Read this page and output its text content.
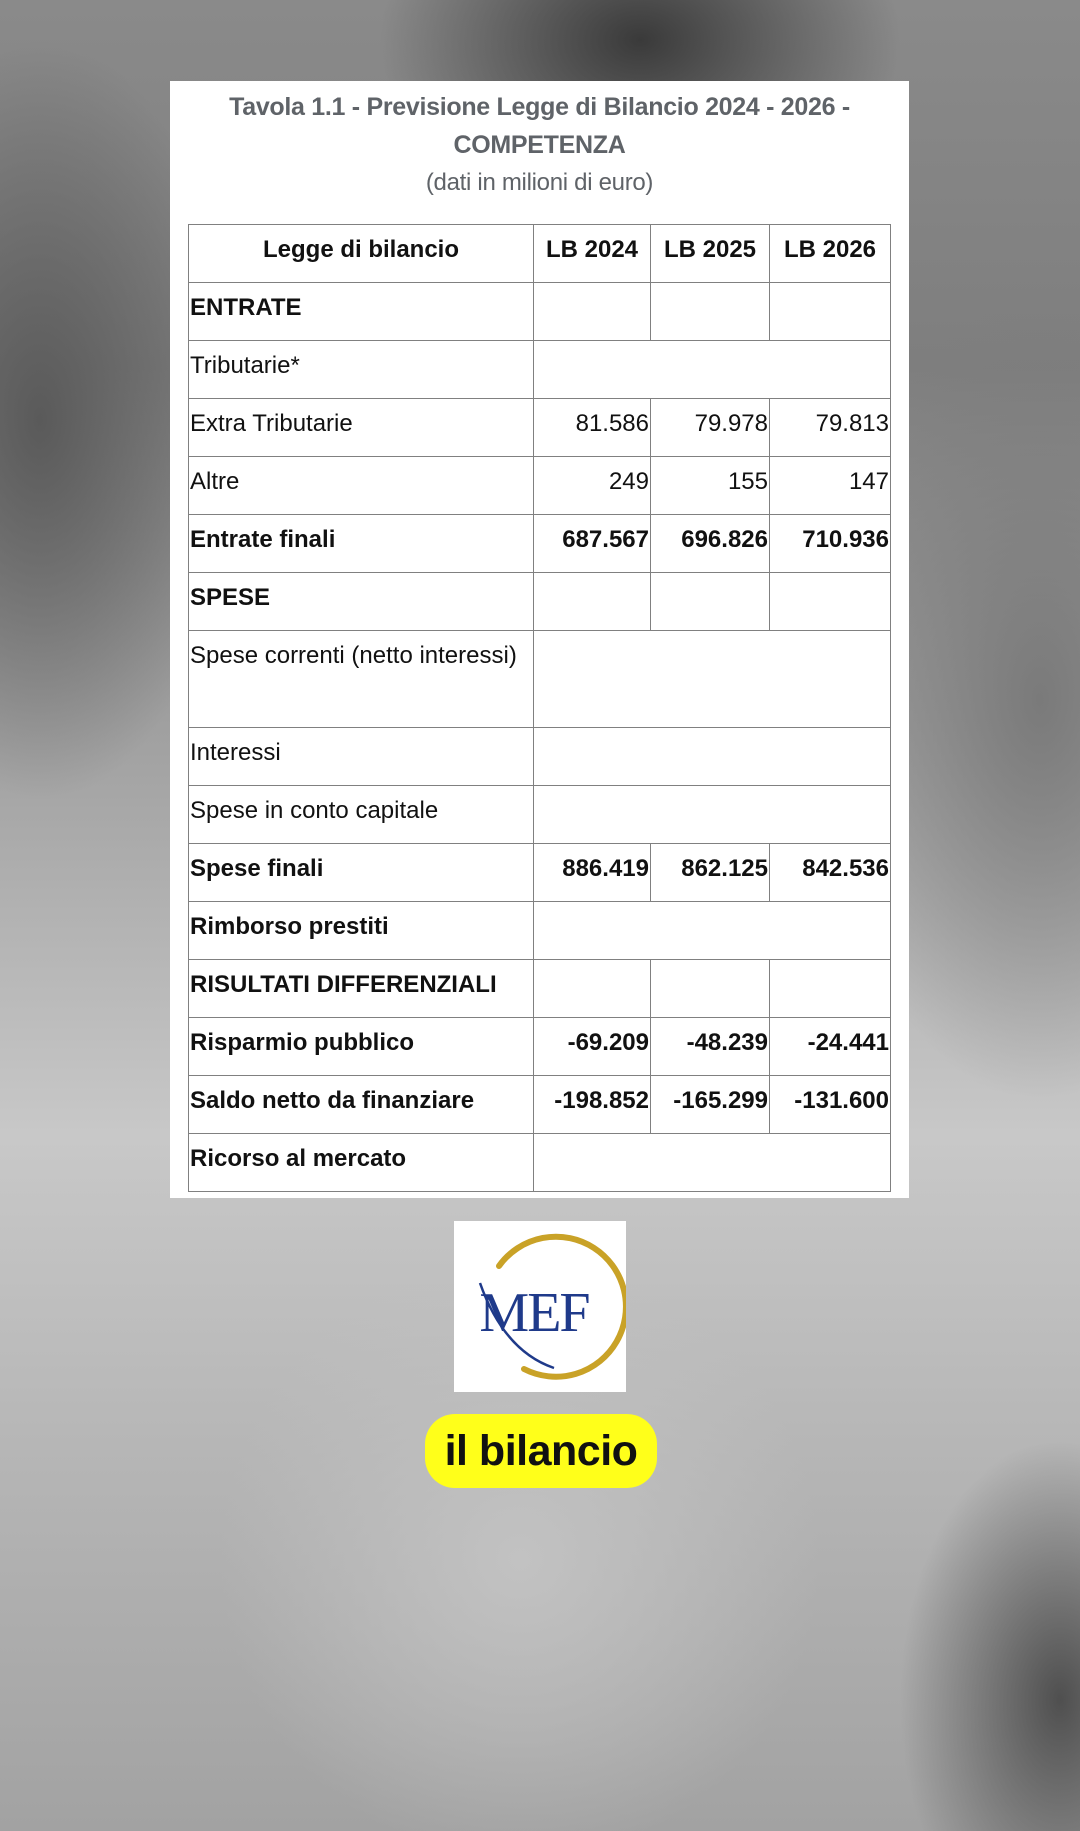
Tavola 1.1 - Previsione Legge di Bilancio 2024 - 2026 -
COMPETENZA
(dati in milioni di euro)
Legge di bilancio	LB 2024	LB 2025	LB 2026
ENTRATE			
Tributarie*			
Extra Tributarie	81.586	79.978	79.813
Altre	249	155	147
Entrate finali	687.567	696.826	710.936
SPESE			
Spese correnti (netto interessi)			
Interessi			
Spese in conto capitale			
Spese finali	886.419	862.125	842.536
Rimborso prestiti			
RISULTATI DIFFERENZIALI			
Risparmio pubblico	-69.209	-48.239	-24.441
Saldo netto da finanziare	-198.852	-165.299	-131.600
Ricorso al mercato			
MEF
il bilancio
